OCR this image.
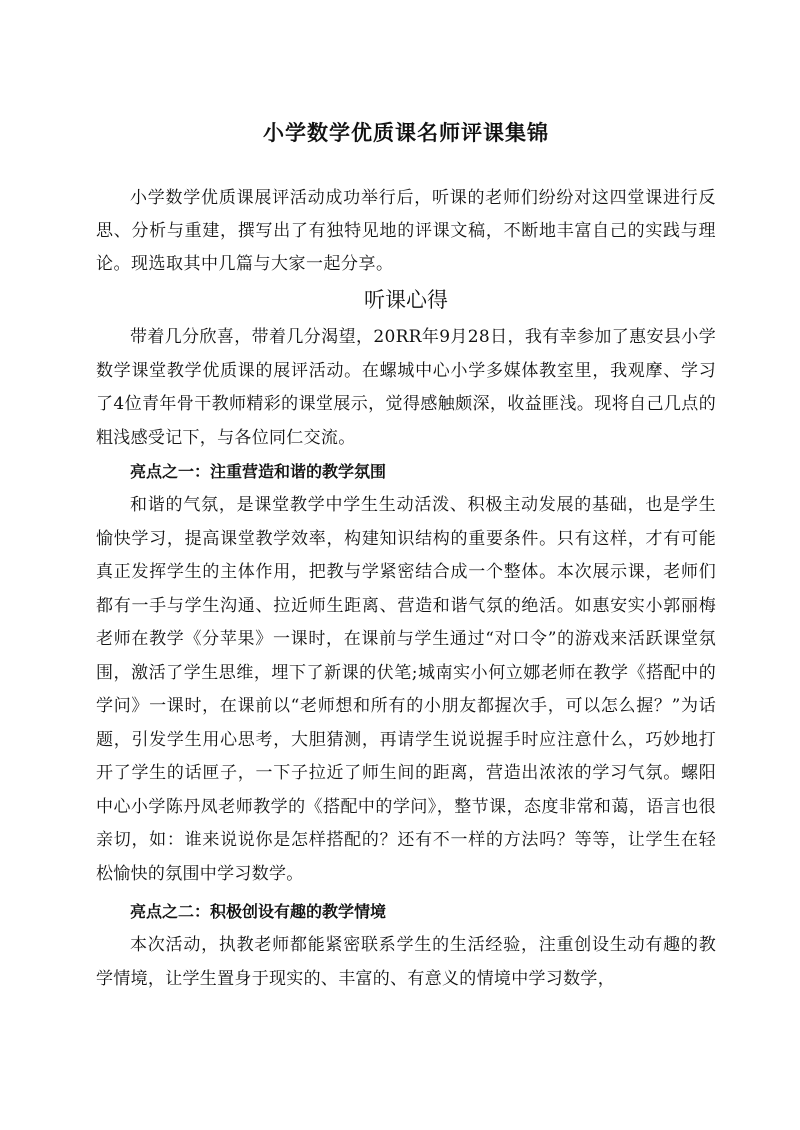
小学数学优质课名师评课集锦

小学数学优质课展评活动成功举行后，听课的老师们纷纷对这四堂课进行反思、分析与重建，撰写出了有独特见地的评课文稿，不断地丰富自己的实践与理论。现选取其中几篇与大家一起分享。

听课心得

带着几分欣喜，带着几分渴望，20RR年9月28日，我有幸参加了惠安县小学数学课堂教学优质课的展评活动。在螺城中心小学多媒体教室里，我观摩、学习了4位青年骨干教师精彩的课堂展示，觉得感触颇深，收益匪浅。现将自己几点的粗浅感受记下，与各位同仁交流。

亮点之一：注重营造和谐的教学氛围

和谐的气氛，是课堂教学中学生生动活泼、积极主动发展的基础，也是学生愉快学习，提高课堂教学效率，构建知识结构的重要条件。只有这样，才有可能真正发挥学生的主体作用，把教与学紧密结合成一个整体。本次展示课，老师们都有一手与学生沟通、拉近师生距离、营造和谐气氛的绝活。如惠安实小郭丽梅老师在教学《分苹果》一课时，在课前与学生通过“对口令”的游戏来活跃课堂氛围，激活了学生思维，埋下了新课的伏笔;城南实小何立娜老师在教学《搭配中的学问》一课时，在课前以“老师想和所有的小朋友都握次手，可以怎么握？”为话题，引发学生用心思考，大胆猜测，再请学生说说握手时应注意什么，巧妙地打开了学生的话匣子，一下子拉近了师生间的距离，营造出浓浓的学习气氛。螺阳中心小学陈丹凤老师教学的《搭配中的学问》，整节课，态度非常和蔼，语言也很亲切，如：谁来说说你是怎样搭配的？还有不一样的方法吗？等等，让学生在轻松愉快的氛围中学习数学。

亮点之二：积极创设有趣的教学情境

本次活动，执教老师都能紧密联系学生的生活经验，注重创设生动有趣的教学情境，让学生置身于现实的、丰富的、有意义的情境中学习数学，
